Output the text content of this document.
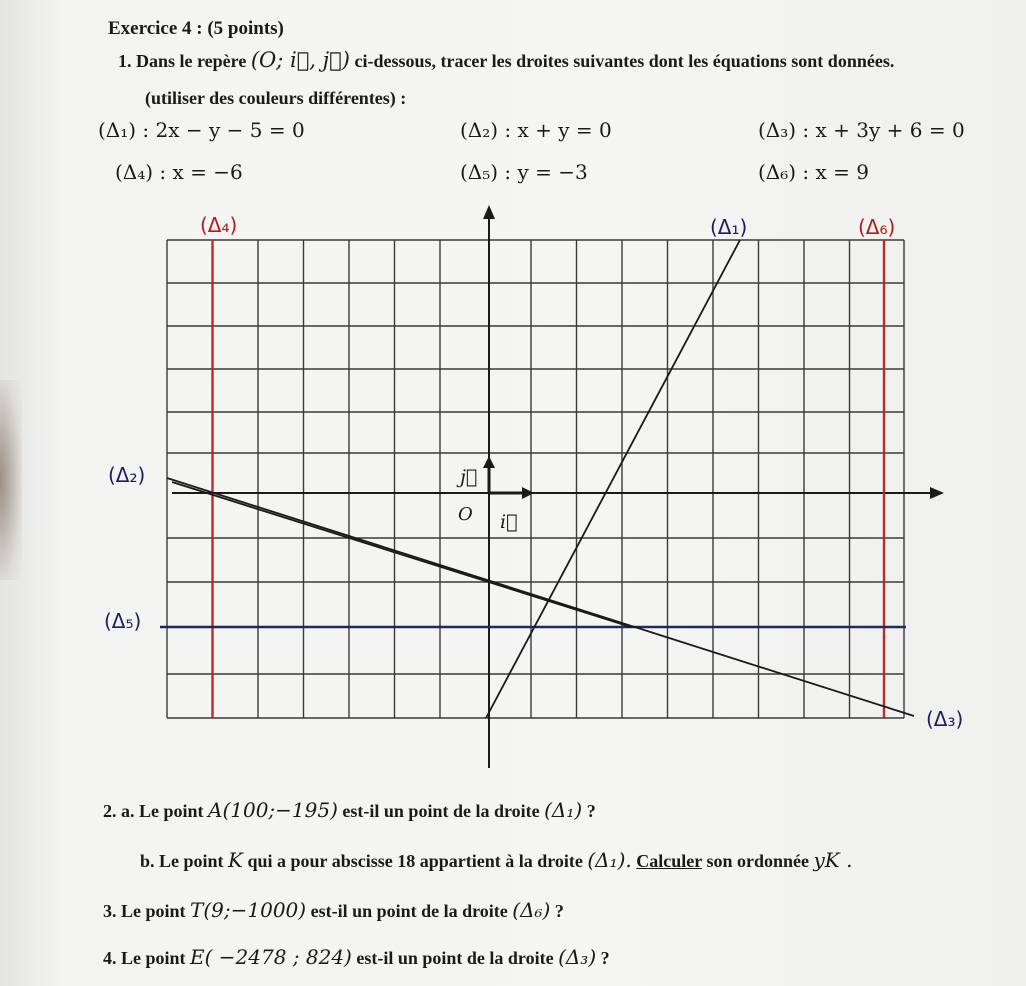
Exercice 4 : (5 points)
1. Dans le repère (O; i⃗, j⃗) ci-dessous, tracer les droites suivantes dont les équations sont données.
(utiliser des couleurs différentes) :
(Δ₁) : 2x − y − 5 = 0	(Δ₂) : x + y = 0	(Δ₃) : x + 3y + 6 = 0
(Δ₄) : x = −6	(Δ₅) : y = −3	(Δ₆) : x = 9
O i⃗
j⃗
(Δ₄)	(Δ₁)	(Δ₆)
(Δ₂)
(Δ₅)
(Δ₃)
2. a. Le point A(100;−195) est-il un point de la droite (Δ₁) ?
b. Le point K qui a pour abscisse 18 appartient à la droite (Δ₁). Calculer son ordonnée yK .
3. Le point T(9;−1000) est-il un point de la droite (Δ₆) ?
4. Le point E( −2478 ; 824) est-il un point de la droite (Δ₃) ?
